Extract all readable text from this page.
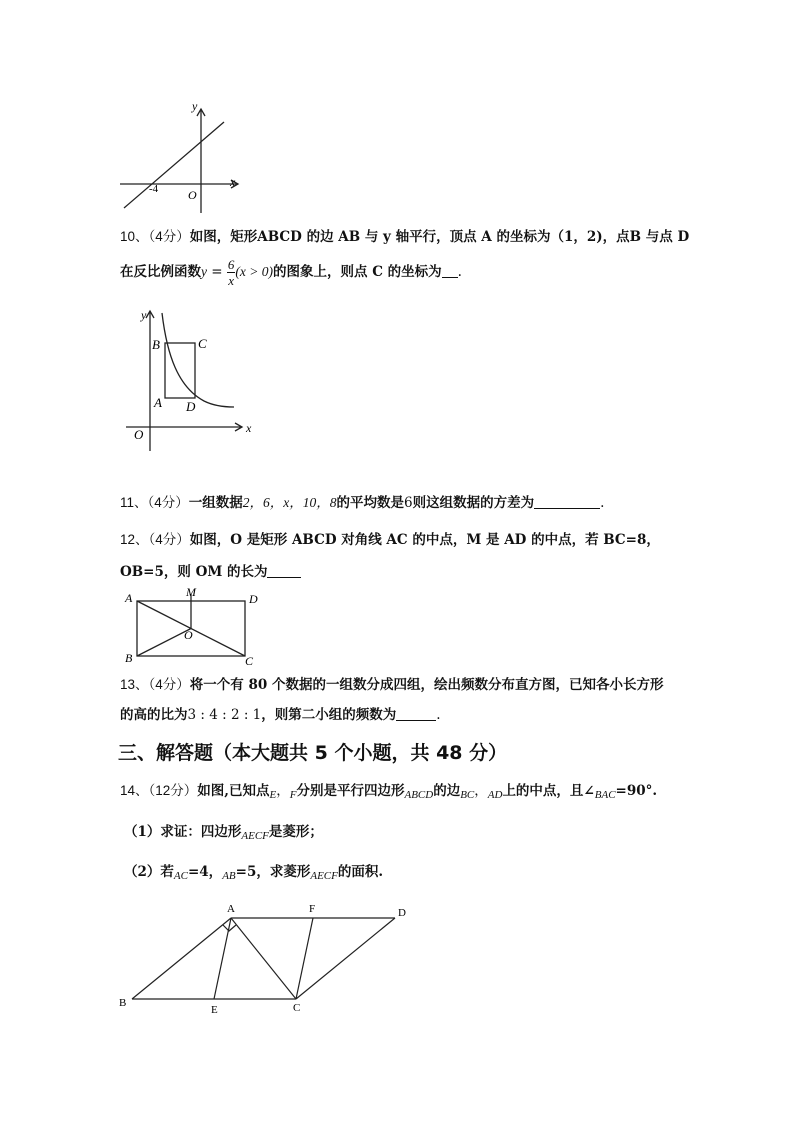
y
x
O
-4
10、（4分）如图，矩形ABCD 的边 AB 与 y 轴平行，顶点 A 的坐标为（1，2)，点B 与点 D
在反比例函数$y = \frac{6}{x} (x > 0)$的图象上，则点 C 的坐标为 .
y
x
O
B	C
A D
11、（4分）一组数据2，6，x，10，8的平均数是6则这组数据的方差为	.
12、（4分）如图，O 是矩形 ABCD 对角线 AC 的中点，M 是 AD 的中点，若 BC=8，
OB=5，则 OM 的长为
A	M	D
O
B	C
13、（4分）将一个有 80 个数据的一组数分成四组，绘出频数分布直方图，已知各小长方形
的高的比为3 : 4 : 2 : 1，则第二小组的频数为	.
三、解答题（本大题共 5 个小题，共 48 分）
14、（12分）如图,已知点$_E$，$_F$分别是平行四边形$_{ABCD}$的边$_{BC}$，$_{AD}$上的中点，且$\angle_{BAC}=90^\circ$.
（1）求证：四边形$_{AECF}$是菱形；
（2）若$_{AC}$=4，$_{AB}$=5，求菱形$_{AECF}$的面积.
A	F	D
B
E	C
